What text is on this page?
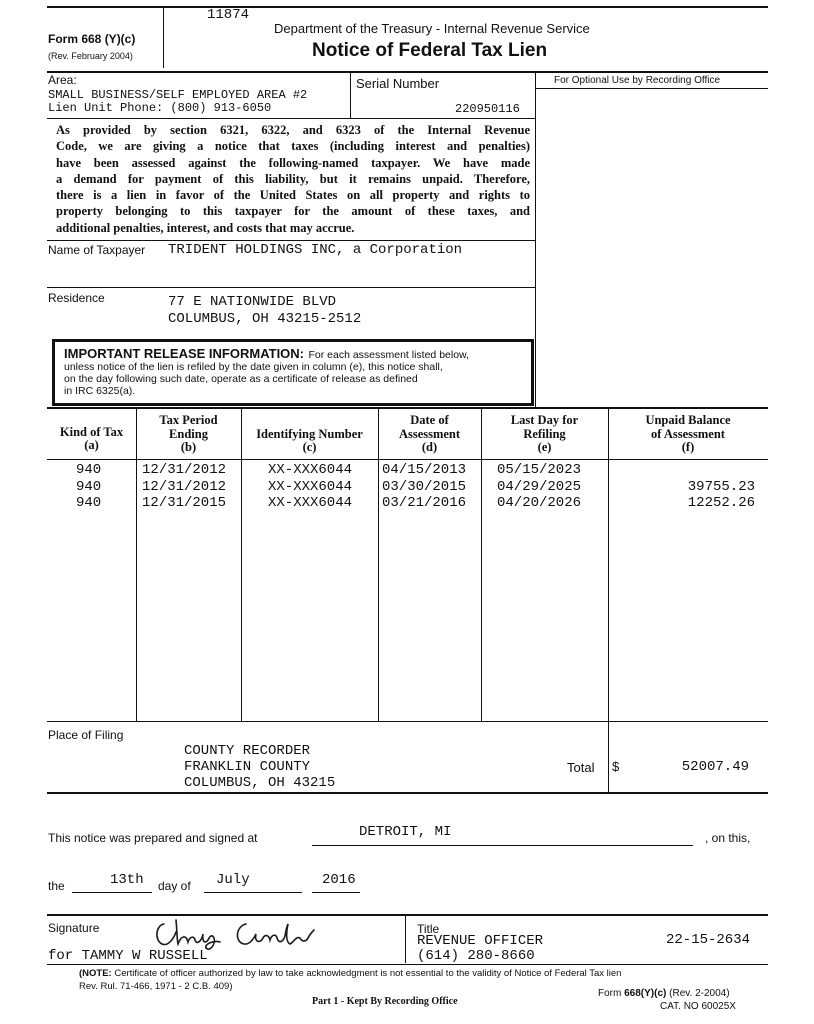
11874
Form 668 (Y)(c)
(Rev. February 2004)
Department of the Treasury - Internal Revenue Service
Notice of Federal Tax Lien
Area:
SMALL BUSINESS/SELF EMPLOYED AREA #2
Lien Unit Phone: (800) 913-6050
Serial Number
220950116
For Optional Use by Recording Office
As provided by section 6321, 6322, and 6323 of the Internal Revenue
Code, we are giving a notice that taxes (including interest and penalties)
have been assessed against the following-named taxpayer. We have made
a demand for payment of this liability, but it remains unpaid. Therefore,
there is a lien in favor of the United States on all property and rights to
property belonging to this taxpayer for the amount of these taxes, and
additional penalties, interest, and costs that may accrue.
Name of Taxpayer TRIDENT HOLDINGS INC, a Corporation
Residence	77 E NATIONWIDE BLVD
COLUMBUS, OH 43215-2512
IMPORTANT RELEASE INFORMATION: For each assessment listed below,
unless notice of the lien is refiled by the date given in column (e), this notice shall,
on the day following such date, operate as a certificate of release as defined
in IRC 6325(a).
Kind of Tax
(a)
Tax Period
Ending
(b)
Identifying Number
(c)
Date of
Assessment
(d)
Last Day for
Refiling
(e)
Unpaid Balance
of Assessment
(f)
940	12/31/2012	XX-XXX6044 04/15/2013 05/15/2023
940	12/31/2012	XX-XXX6044 03/30/2015 04/29/2025	39755.23
940	12/31/2015	XX-XXX6044 03/21/2016 04/20/2026	12252.26
Place of Filing
COUNTY RECORDER
FRANKLIN COUNTY
COLUMBUS, OH 43215
Total $	52007.49
This notice was prepared and signed at	DETROIT, MI	, on this,
the	13th day of July	2016
Signature
for TAMMY W RUSSELL
Title
REVENUE OFFICER
(614) 280-8660
22-15-2634
(NOTE: Certificate of officer authorized by law to take acknowledgment is not essential to the validity of Notice of Federal Tax lien
Rev. Rul. 71-466, 1971 - 2 C.B. 409)
Part 1 - Kept By Recording Office
Form 668(Y)(c) (Rev. 2-2004)
CAT. NO 60025X
